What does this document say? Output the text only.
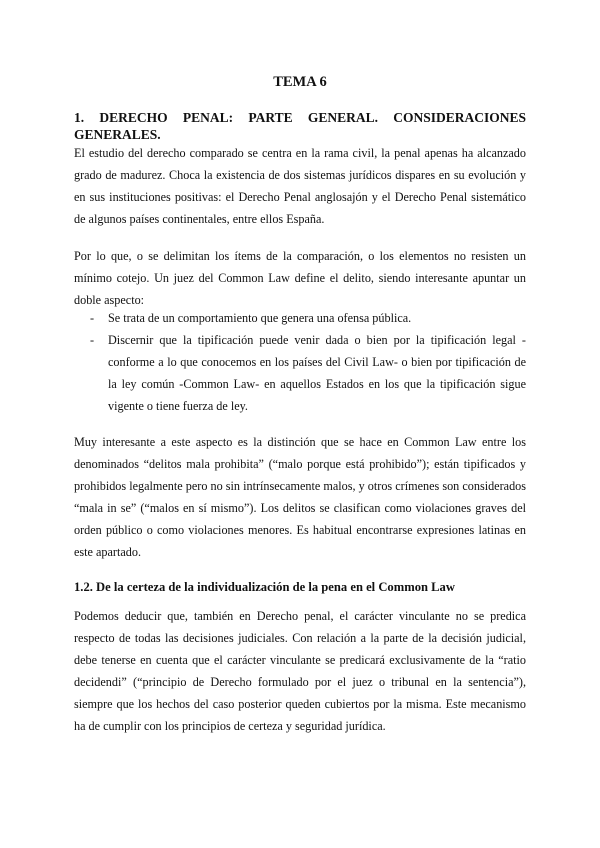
TEMA 6
1. DERECHO PENAL: PARTE GENERAL. CONSIDERACIONES GENERALES.

El estudio del derecho comparado se centra en la rama civil, la penal apenas ha alcanzado grado de madurez. Choca la existencia de dos sistemas jurídicos dispares en su evolución y en sus instituciones positivas: el Derecho Penal anglosajón y el Derecho Penal sistemático de algunos países continentales, entre ellos España.

Por lo que, o se delimitan los ítems de la comparación, o los elementos no resisten un mínimo cotejo. Un juez del Common Law define el delito, siendo interesante apuntar un doble aspecto:

- Se trata de un comportamiento que genera una ofensa pública.
- Discernir que la tipificación puede venir dada o bien por la tipificación legal -conforme a lo que conocemos en los países del Civil Law- o bien por tipificación de la ley común -Common Law- en aquellos Estados en los que la tipificación sigue vigente o tiene fuerza de ley.

Muy interesante a este aspecto es la distinción que se hace en Common Law entre los denominados “delitos mala prohibita” (“malo porque está prohibido”); están tipificados y prohibidos legalmente pero no sin intrínsecamente malos, y otros crímenes son considerados “mala in se” (“malos en sí mismo”). Los delitos se clasifican como violaciones graves del orden público o como violaciones menores. Es habitual encontrarse expresiones latinas en este apartado.

1.2. De la certeza de la individualización de la pena en el Common Law

Podemos deducir que, también en Derecho penal, el carácter vinculante no se predica respecto de todas las decisiones judiciales. Con relación a la parte de la decisión judicial, debe tenerse en cuenta que el carácter vinculante se predicará exclusivamente de la “ratio decidendi” (“principio de Derecho formulado por el juez o tribunal en la sentencia”), siempre que los hechos del caso posterior queden cubiertos por la misma. Este mecanismo ha de cumplir con los principios de certeza y seguridad jurídica.
